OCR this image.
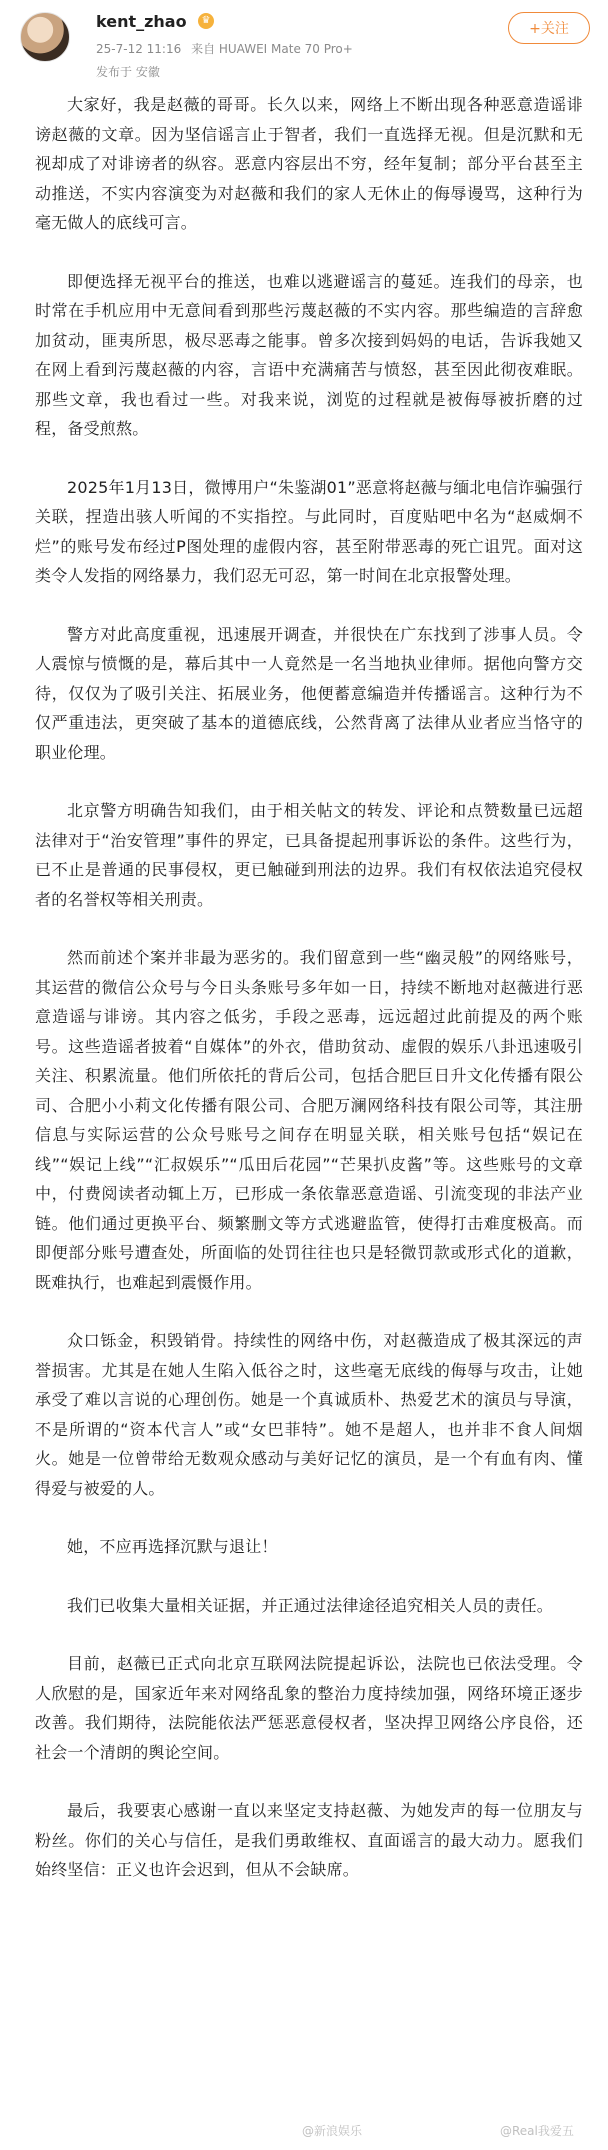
kent_zhao	♛
25-7-12 11:16 来自 HUAWEI Mate 70 Pro+
发布于 安徽
+关注

大家好，我是赵薇的哥哥。长久以来，网络上不断出现各种恶意造谣诽谤赵薇的文章。因为坚信谣言止于智者，我们一直选择无视。但是沉默和无视却成了对诽谤者的纵容。恶意内容层出不穷，经年复制；部分平台甚至主动推送，不实内容演变为对赵薇和我们的家人无休止的侮辱谩骂，这种行为毫无做人的底线可言。

即便选择无视平台的推送，也难以逃避谣言的蔓延。连我们的母亲，也时常在手机应用中无意间看到那些污蔑赵薇的不实内容。那些编造的言辞愈加贫动，匪夷所思，极尽恶毒之能事。曾多次接到妈妈的电话，告诉我她又在网上看到污蔑赵薇的内容，言语中充满痛苦与愤怒，甚至因此彻夜难眠。那些文章，我也看过一些。对我来说，浏览的过程就是被侮辱被折磨的过程，备受煎熬。

2025年1月13日，微博用户“朱鉴湖01”恶意将赵薇与缅北电信诈骗强行关联，捏造出骇人听闻的不实指控。与此同时，百度贴吧中名为“赵威炯不烂”的账号发布经过P图处理的虚假内容，甚至附带恶毒的死亡诅咒。面对这类令人发指的网络暴力，我们忍无可忍，第一时间在北京报警处理。

警方对此高度重视，迅速展开调查，并很快在广东找到了涉事人员。令人震惊与愤慨的是，幕后其中一人竟然是一名当地执业律师。据他向警方交待，仅仅为了吸引关注、拓展业务，他便蓄意编造并传播谣言。这种行为不仅严重违法，更突破了基本的道德底线，公然背离了法律从业者应当恪守的职业伦理。

北京警方明确告知我们，由于相关帖文的转发、评论和点赞数量已远超法律对于“治安管理”事件的界定，已具备提起刑事诉讼的条件。这些行为，已不止是普通的民事侵权，更已触碰到刑法的边界。我们有权依法追究侵权者的名誉权等相关刑责。

然而前述个案并非最为恶劣的。我们留意到一些“幽灵般”的网络账号，其运营的微信公众号与今日头条账号多年如一日，持续不断地对赵薇进行恶意造谣与诽谤。其内容之低劣，手段之恶毒，远远超过此前提及的两个账号。这些造谣者披着“自媒体”的外衣，借助贫动、虚假的娱乐八卦迅速吸引关注、积累流量。他们所依托的背后公司，包括合肥巨日升文化传播有限公司、合肥小小莉文化传播有限公司、合肥万澜网络科技有限公司等，其注册信息与实际运营的公众号账号之间存在明显关联，相关账号包括“娱记在线”“娱记上线”“汇叔娱乐”“瓜田后花园”“芒果扒皮酱”等。这些账号的文章中，付费阅读者动辄上万，已形成一条依靠恶意造谣、引流变现的非法产业链。他们通过更换平台、频繁删文等方式逃避监管，使得打击难度极高。而即便部分账号遭查处，所面临的处罚往往也只是轻微罚款或形式化的道歉，既难执行，也难起到震慑作用。

众口铄金，积毁销骨。持续性的网络中伤，对赵薇造成了极其深远的声誉损害。尤其是在她人生陷入低谷之时，这些毫无底线的侮辱与攻击，让她承受了难以言说的心理创伤。她是一个真诚质朴、热爱艺术的演员与导演，不是所谓的“资本代言人”或“女巴菲特”。她不是超人，也并非不食人间烟火。她是一位曾带给无数观众感动与美好记忆的演员，是一个有血有肉、懂得爱与被爱的人。

她，不应再选择沉默与退让！

我们已收集大量相关证据，并正通过法律途径追究相关人员的责任。

目前，赵薇已正式向北京互联网法院提起诉讼，法院也已依法受理。令人欣慰的是，国家近年来对网络乱象的整治力度持续加强，网络环境正逐步改善。我们期待，法院能依法严惩恶意侵权者，坚决捍卫网络公序良俗，还社会一个清朗的舆论空间。

最后，我要衷心感谢一直以来坚定支持赵薇、为她发声的每一位朋友与粉丝。你们的关心与信任，是我们勇敢维权、直面谣言的最大动力。愿我们始终坚信：正义也许会迟到，但从不会缺席。

@新浪娱乐	@Real我爱五
